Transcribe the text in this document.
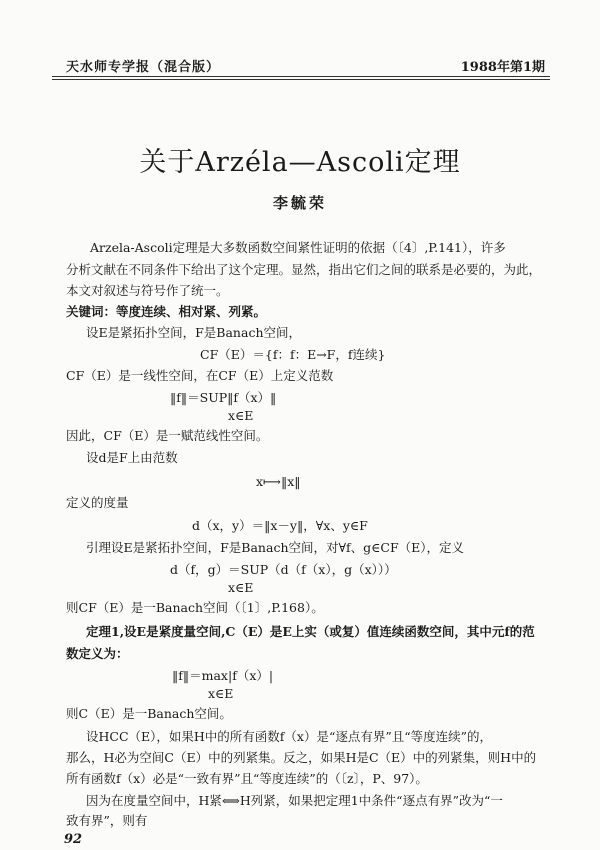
天水师专学报（混合版）	1988年第1期
关于Arzéla—Ascoli定理
李毓荣
Arzela-Ascoli定理是大多数函数空间紧性证明的依据（〔4〕,P.141），许多
分析文献在不同条件下给出了这个定理。显然，指出它们之间的联系是必要的，为此，
本文对叙述与符号作了统一。
关键词：等度连续、相对紧、列紧。
设E是紧拓扑空间，F是Banach空间，
CF（E）＝{f：f：E→F，f连续}
CF（E）是一线性空间，在CF（E）上定义范数
‖f‖＝SUP‖f（x）‖
x∈E
因此，CF（E）是一赋范线性空间。
设d是F上由范数
x⟼‖x‖
定义的度量
d（x，y）＝‖x－y‖，∀x、y∈F
引理设E是紧拓扑空间，F是Banach空间，对∀f、g∈CF（E），定义
d（f，g）＝SUP（d（f（x），g（x）））
x∈E
则CF（E）是一Banach空间（〔1〕,P.168）。
定理1,设E是紧度量空间,C（E）是E上实（或复）值连续函数空间，其中元f的范
数定义为：
‖f‖＝max|f（x）|
x∈E
则C（E）是一Banach空间。
设HCC（E），如果H中的所有函数f（x）是“逐点有界”且“等度连续”的，
那么，H必为空间C（E）中的列紧集。反之，如果H是C（E）中的列紧集，则H中的
所有函数f（x）必是“一致有界”且“等度连续”的（〔z〕，P、97）。
因为在度量空间中，H紧⟺H列紧，如果把定理1中条件“逐点有界”改为“一
致有界”，则有
92
